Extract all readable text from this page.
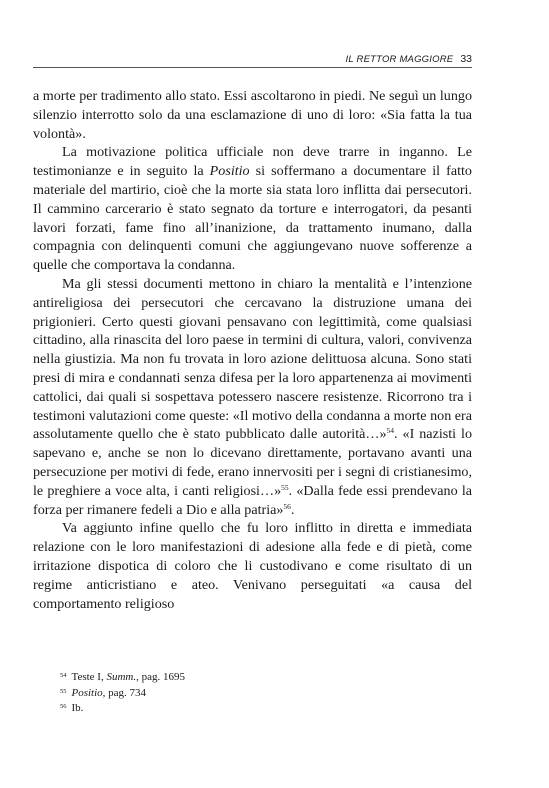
IL RETTOR MAGGIORE 33

a morte per tradimento allo stato. Essi ascoltarono in piedi. Ne seguì un lungo silenzio interrotto solo da una esclamazione di uno di loro: «Sia fatta la tua volontà».

La motivazione politica ufficiale non deve trarre in inganno. Le testimonianze e in seguito la Positio si soffermano a documentare il fatto materiale del martirio, cioè che la morte sia stata loro inflitta dai persecutori. Il cammino carcerario è stato segnato da torture e interrogatori, da pesanti lavori forzati, fame fino all’inanizione, da trattamento inumano, dalla compagnia con delinquenti comuni che aggiungevano nuove sofferenze a quelle che comportava la condanna.

Ma gli stessi documenti mettono in chiaro la mentalità e l’intenzione antireligiosa dei persecutori che cercavano la distruzione umana dei prigionieri. Certo questi giovani pensavano con legittimità, come qualsiasi cittadino, alla rinascita del loro paese in termini di cultura, valori, convivenza nella giustizia. Ma non fu trovata in loro azione delittuosa alcuna. Sono stati presi di mira e condannati senza difesa per la loro appartenenza ai movimenti cattolici, dai quali si sospettava potessero nascere resistenze. Ricorrono tra i testimoni valutazioni come queste: «Il motivo della condanna a morte non era assolutamente quello che è stato pubblicato dalle autorità…»$^{54}$. «I nazisti lo sapevano e, anche se non lo dicevano direttamente, portavano avanti una persecuzione per motivi di fede, erano innervositi per i segni di cristianesimo, le preghiere a voce alta, i canti religiosi…»$^{55}$. «Dalla fede essi prendevano la forza per rimanere fedeli a Dio e alla patria»$^{56}$.

Va aggiunto infine quello che fu loro inflitto in diretta e immediata relazione con le loro manifestazioni di adesione alla fede e di pietà, come irritazione dispotica di coloro che li custodivano e come risultato di un regime anticristiano e ateo. Venivano perseguitati «a causa del comportamento religioso

$^{54}$ Teste I, Summ., pag. 1695
$^{55}$ Positio, pag. 734
$^{56}$ Ib.
